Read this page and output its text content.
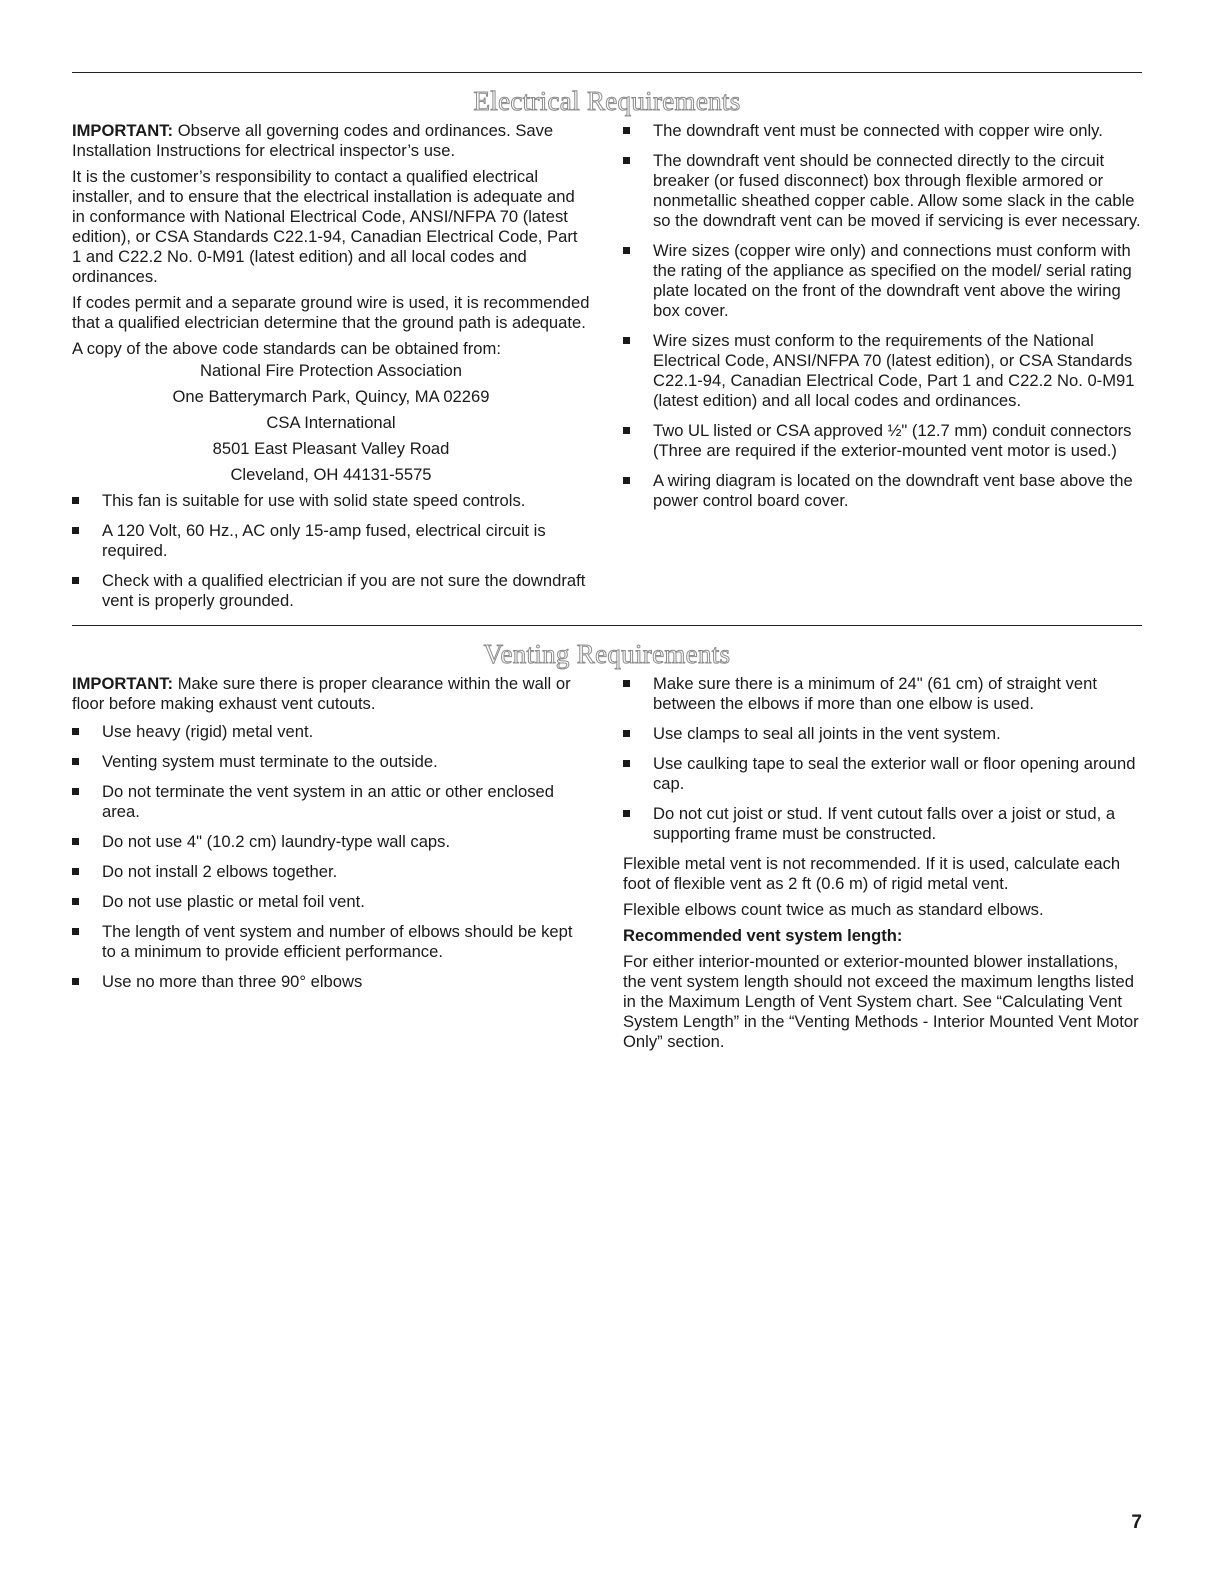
Electrical Requirements

IMPORTANT: Observe all governing codes and ordinances. Save Installation Instructions for electrical inspector’s use.

It is the customer’s responsibility to contact a qualified electrical installer, and to ensure that the electrical installation is adequate and in conformance with National Electrical Code, ANSI/NFPA 70 (latest edition), or CSA Standards C22.1-94, Canadian Electrical Code, Part 1 and C22.2 No. 0-M91 (latest edition) and all local codes and ordinances.

If codes permit and a separate ground wire is used, it is recommended that a qualified electrician determine that the ground path is adequate.

A copy of the above code standards can be obtained from:

National Fire Protection Association

One Batterymarch Park, Quincy, MA 02269

CSA International

8501 East Pleasant Valley Road

Cleveland, OH 44131-5575

This fan is suitable for use with solid state speed controls.
A 120 Volt, 60 Hz., AC only 15-amp fused, electrical circuit is required.
Check with a qualified electrician if you are not sure the downdraft vent is properly grounded.
The downdraft vent must be connected with copper wire only.
The downdraft vent should be connected directly to the circuit breaker (or fused disconnect) box through flexible armored or nonmetallic sheathed copper cable. Allow some slack in the cable so the downdraft vent can be moved if servicing is ever necessary.
Wire sizes (copper wire only) and connections must conform with the rating of the appliance as specified on the model/ serial rating plate located on the front of the downdraft vent above the wiring box cover.
Wire sizes must conform to the requirements of the National Electrical Code, ANSI/NFPA 70 (latest edition), or CSA Standards C22.1-94, Canadian Electrical Code, Part 1 and C22.2 No. 0-M91 (latest edition) and all local codes and ordinances.
Two UL listed or CSA approved ½" (12.7 mm) conduit connectors (Three are required if the exterior-mounted vent motor is used.)
A wiring diagram is located on the downdraft vent base above the power control board cover.
Venting Requirements

IMPORTANT: Make sure there is proper clearance within the wall or floor before making exhaust vent cutouts.

Use heavy (rigid) metal vent.
Venting system must terminate to the outside.
Do not terminate the vent system in an attic or other enclosed area.
Do not use 4" (10.2 cm) laundry-type wall caps.
Do not install 2 elbows together.
Do not use plastic or metal foil vent.
The length of vent system and number of elbows should be kept to a minimum to provide efficient performance.
Use no more than three 90° elbows
Make sure there is a minimum of 24" (61 cm) of straight vent between the elbows if more than one elbow is used.
Use clamps to seal all joints in the vent system.
Use caulking tape to seal the exterior wall or floor opening around cap.
Do not cut joist or stud. If vent cutout falls over a joist or stud, a supporting frame must be constructed.

Flexible metal vent is not recommended. If it is used, calculate each foot of flexible vent as 2 ft (0.6 m) of rigid metal vent.

Flexible elbows count twice as much as standard elbows.

Recommended vent system length:

For either interior-mounted or exterior-mounted blower installations, the vent system length should not exceed the maximum lengths listed in the Maximum Length of Vent System chart. See “Calculating Vent System Length” in the “Venting Methods - Interior Mounted Vent Motor Only” section.

7
